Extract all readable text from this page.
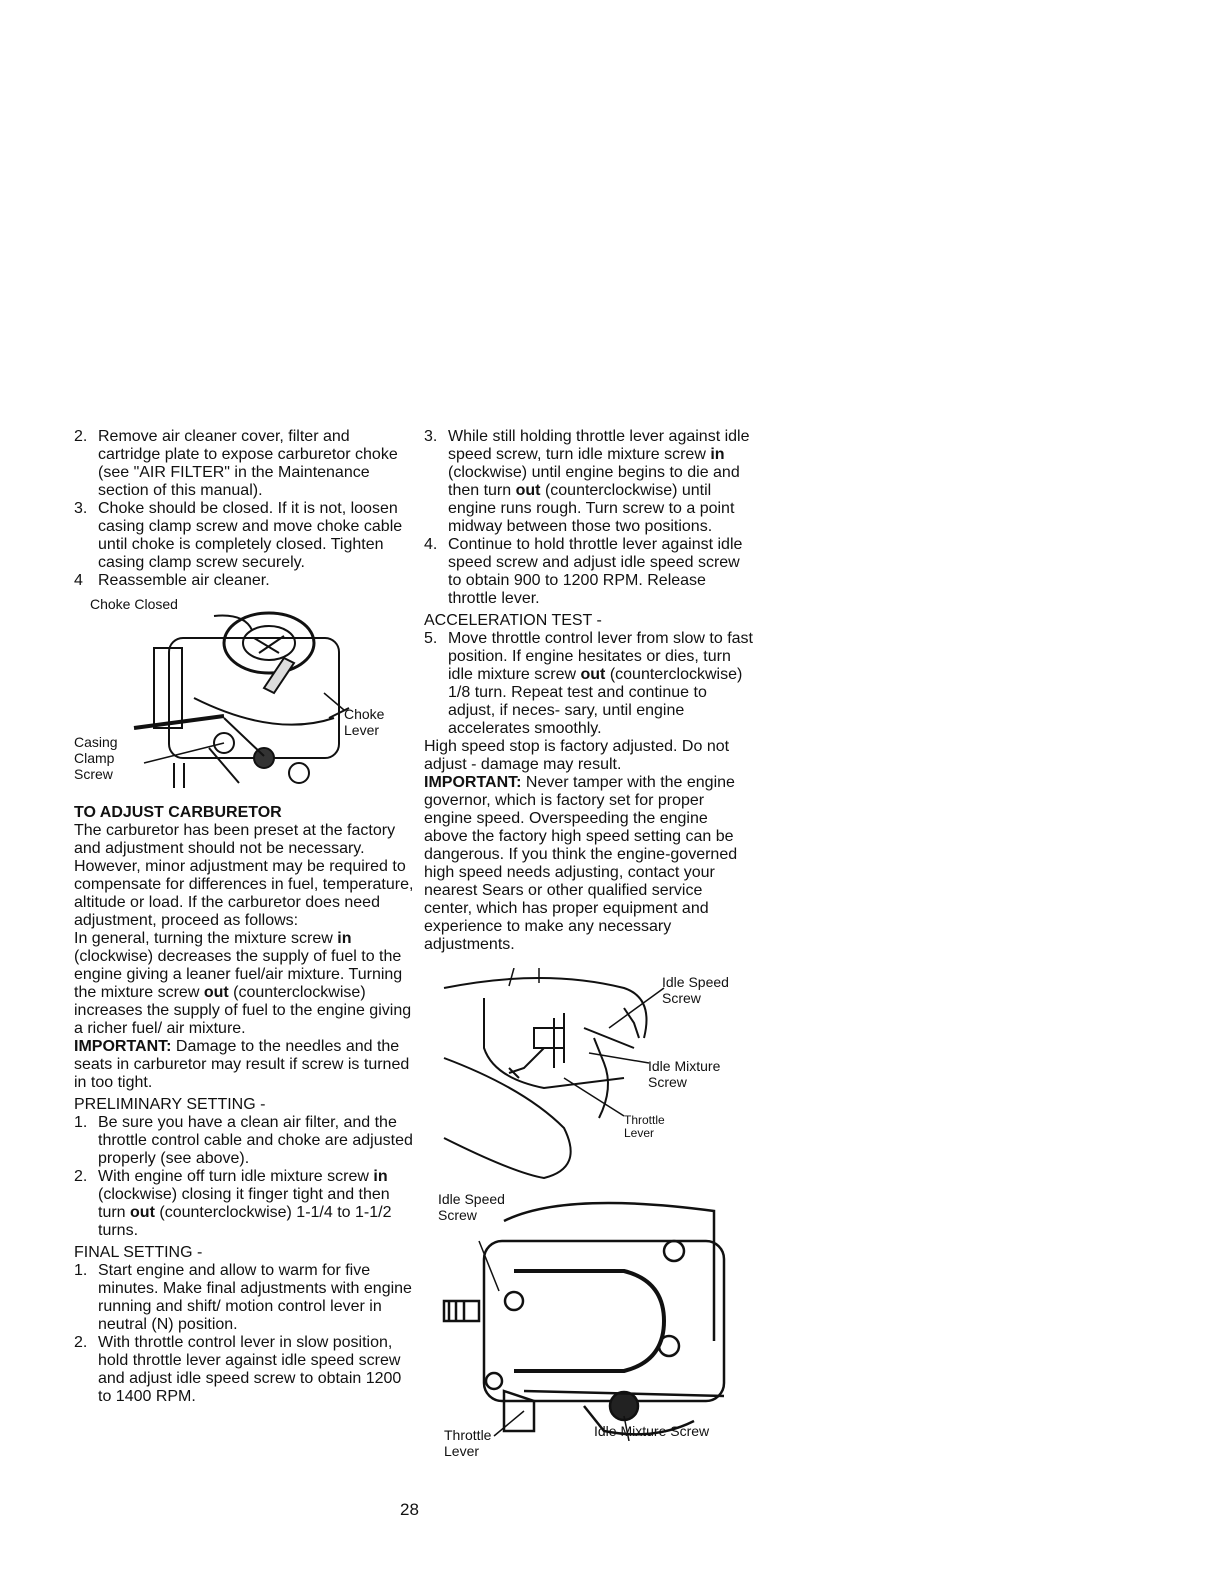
2. Remove air cleaner cover, filter and cartridge plate to expose carburetor choke (see "AIR FILTER" in the Maintenance section of this manual).
3. Choke should be closed. If it is not, loosen casing clamp screw and move choke cable until choke is completely closed. Tighten casing clamp screw securely.
4 Reassemble air cleaner.
Choke Closed
Choke
Lever
Casing
Clamp
Screw
TO ADJUST CARBURETOR
The carburetor has been preset at the factory and adjustment should not be necessary. However, minor adjustment may be required to compensate for differences in fuel, temperature, altitude or load. If the carburetor does need adjustment, proceed as follows:
In general, turning the mixture screw in (clockwise) decreases the supply of fuel to the engine giving a leaner fuel/air mixture. Turning the mixture screw out (counterclockwise) increases the supply of fuel to the engine giving a richer fuel/ air mixture.
IMPORTANT: Damage to the needles and the seats in carburetor may result if screw is turned in too tight.
PRELIMINARY SETTING -
1. Be sure you have a clean air filter, and the throttle control cable and choke are adjusted properly (see above).
2. With engine off turn idle mixture screw in (clockwise) closing it finger tight and then turn out (counterclockwise) 1-1/4 to 1-1/2 turns.
FINAL SETTING -
1. Start engine and allow to warm for five minutes. Make final adjustments with engine running and shift/ motion control lever in neutral (N) position.
2. With throttle control lever in slow position, hold throttle lever against idle speed screw and adjust idle speed screw to obtain 1200 to 1400 RPM.
3. While still holding throttle lever against idle speed screw, turn idle mixture screw in (clockwise) until engine begins to die and then turn out (counterclockwise) until engine runs rough. Turn screw to a point midway between those two positions.
4. Continue to hold throttle lever against idle speed screw and adjust idle speed screw to obtain 900 to 1200 RPM. Release throttle lever.
ACCELERATION TEST -
5. Move throttle control lever from slow to fast position. If engine hesitates or dies, turn idle mixture screw out (counterclockwise) 1/8 turn. Repeat test and continue to adjust, if neces- sary, until engine accelerates smoothly.
High speed stop is factory adjusted. Do not adjust - damage may result.
IMPORTANT: Never tamper with the engine governor, which is factory set for proper engine speed. Overspeeding the engine above the factory high speed setting can be dangerous. If you think the engine-governed high speed needs adjusting, contact your nearest Sears or other qualified service center, which has proper equipment and experience to make any necessary adjustments.
Idle Speed
Screw
Idle Mixture
Screw
Throttle
Lever
Idle Speed
Screw
Throttle
Lever
Idle Mixture Screw
28
